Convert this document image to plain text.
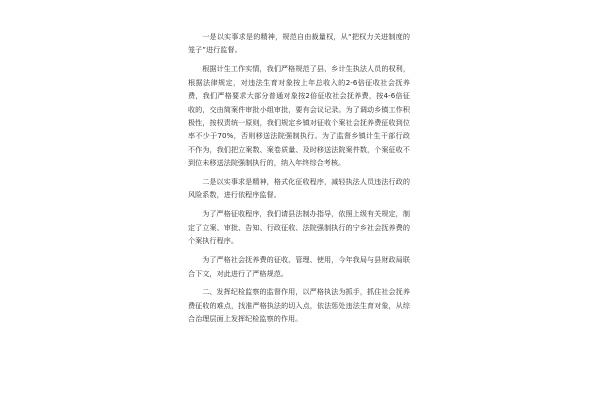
一是以实事求是的精神，规范自由裁量权，从“把权力关进制度的笼子”进行监督。

根据计生工作实情，我们严格规范了县、乡计生执法人员的权利，根据法律规定，对违法生育对象按上年总收入的2-6倍征收社会抚养费，我们严格要求大部分普通对象按2倍征收社会抚养费，按4-6倍征收的，交由简案件审批小组审批，要有会议记录。为了调动乡镇工作积极性，按权责统一原则，我们规定乡镇对征收个案社会抚养费征收到位率不少于70%，否则移送法院强制执行。为了监督乡镇计生干部行政不作为，我们把立案数、案卷质量、及时移送法院案件数，个案征收不到位未移送法院强制执行的，纳入年终综合考核。

二是以实事求是精神，格式化征收程序，减轻执法人员违法行政的风险系数，进行依程序监督。

为了严格征收程序，我们请县法制办指导，依照上级有关规定，制定了立案、审批、告知、行政征收、法院强制执行的宁乡社会抚养费的个案执行程序。

为了严格社会抚养费的征收、管理、使用，今年我局与县财政局联合下文，对此进行了严格规范。

二、发挥纪检监察的监督作用，以严格执法为抓手，抓住社会抚养费征收的难点，找准严格执法的切入点，依法惩处违法生育对象，从综合治理层面上发挥纪检监察的作用。
